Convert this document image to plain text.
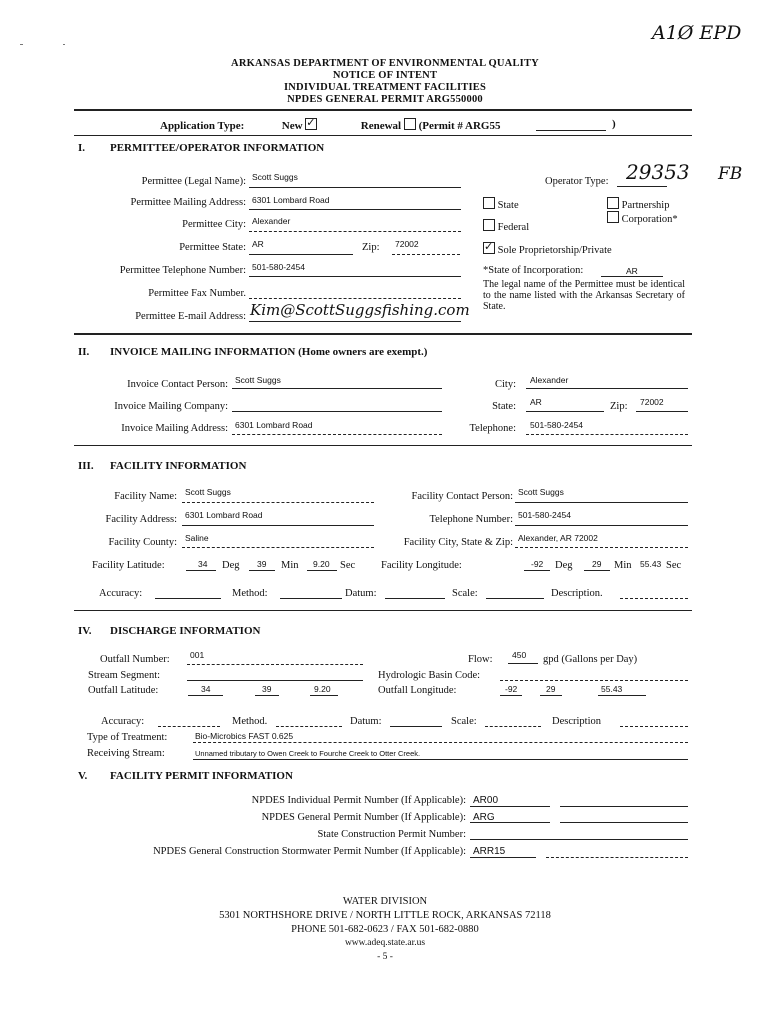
A1Ø EPD
ARKANSAS DEPARTMENT OF ENVIRONMENTAL QUALITY
NOTICE OF INTENT
INDIVIDUAL TREATMENT FACILITIES
NPDES GENERAL PERMIT ARG550000
Application Type:	New ✓	Renewal (Permit # ARG55	)
I. PERMITTEE/OPERATOR INFORMATION
Permittee (Legal Name): Scott Suggs
Permittee Mailing Address: 6301 Lombard Road
Permittee City: Alexander
Permittee State: AR	Zip: 72002
Permittee Telephone Number: 501-580-2454
Permittee Fax Number.
Permittee E-mail Address: Kim@ScottSuggsfishing.com
Operator Type: 29353 FB
State	Partnership
Federal
Corporation*
✓ Sole Proprietorship/Private
*State of Incorporation:	AR
The legal name of the Permittee must be identical to the name listed with the Arkansas Secretary of State.
II. INVOICE MAILING INFORMATION (Home owners are exempt.)
Invoice Contact Person: Scott Suggs
Invoice Mailing Company:
Invoice Mailing Address: 6301 Lombard Road
City: Alexander
State: AR	Zip: 72002
Telephone: 501-580-2454
III. FACILITY INFORMATION
Facility Name: Scott Suggs
Facility Address: 6301 Lombard Road
Facility County: Saline
Facility Contact Person: Scott Suggs
Telephone Number: 501-580-2454
Facility City, State & Zip: Alexander, AR 72002
Facility Latitude:	34 Deg 39 Min 9.20 Sec Facility Longitude:	-92 Deg 29 Min 55.43 Sec
Accuracy:	Method:	Datum:	Scale:	Description.
IV. DISCHARGE INFORMATION
Outfall Number: 001
Stream Segment:
Outfall Latitude:	34	39	9.20
Flow: 450 gpd (Gallons per Day)
Hydrologic Basin Code:
Outfall Longitude:	-92	29	55.43
Accuracy:	Method.	Datum:	Scale:	Description
Type of Treatment:	Bio-Microbics FAST 0.625
Receiving Stream:	Unnamed tributary to Owen Creek to Fourche Creek to Otter Creek.
V. FACILITY PERMIT INFORMATION
NPDES Individual Permit Number (If Applicable): AR00
NPDES General Permit Number (If Applicable): ARG
State Construction Permit Number:
NPDES General Construction Stormwater Permit Number (If Applicable): ARR15
WATER DIVISION
5301 NORTHSHORE DRIVE / NORTH LITTLE ROCK, ARKANSAS 72118
PHONE 501-682-0623 / FAX 501-682-0880
www.adeq.state.ar.us
- 5 -
